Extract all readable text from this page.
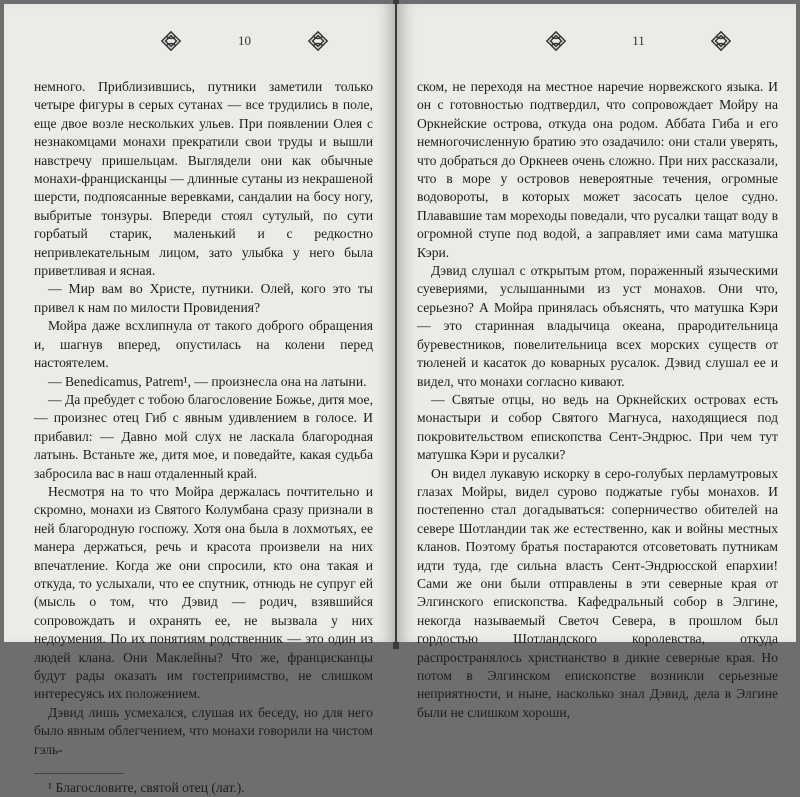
10

немного. Приблизившись, путники заметили только четыре фигуры в серых сутанах — все трудились в поле, еще двое возле нескольких ульев. При появлении Олея с незнакомцами монахи прекратили свои труды и вышли навстречу пришельцам. Выглядели они как обычные монахи-францисканцы — длинные сутаны из некрашеной шерсти, подпоясанные веревками, сандалии на босу ногу, выбритые тонзуры. Впереди стоял сутулый, по сути горбатый старик, маленький и с редкостно непривлекательным лицом, зато улыбка у него была приветливая и ясная.

— Мир вам во Христе, путники. Олей, кого это ты привел к нам по милости Провидения?

Мойра даже всхлипнула от такого доброго обращения и, шагнув вперед, опустилась на колени перед настоятелем.

— Benedicamus, Patrem¹, — произнесла она на латыни.

— Да пребудет с тобою благословение Божье, дитя мое, — произнес отец Гиб с явным удивлением в голосе. И прибавил: — Давно мой слух не ласкала благородная латынь. Встаньте же, дитя мое, и поведайте, какая судьба забросила вас в наш отдаленный край.

Несмотря на то что Мойра держалась почтительно и скромно, монахи из Святого Колумбана сразу признали в ней благородную госпожу. Хотя она была в лохмотьях, ее манера держаться, речь и красота произвели на них впечатление. Когда же они спросили, кто она такая и откуда, то услыхали, что ее спутник, отнюдь не супруг ей (мысль о том, что Дэвид — родич, взявшийся сопровождать и охранять ее, не вызвала у них недоумения. По их понятиям родственник — это один из людей клана. Они Маклейны? Что же, францисканцы будут рады оказать им гостеприимство, не слишком интересуясь их положением.

Дэвид лишь усмехался, слушая их беседу, но для него было явным облегчением, что монахи говорили на чистом гэль-

¹ Благословите, святой отец (лат.).

11

ском, не переходя на местное наречие норвежского языка. И он с готовностью подтвердил, что сопровождает Мойру на Оркнейские острова, откуда она родом. Аббата Гиба и его немногочисленную братию это озадачило: они стали уверять, что добраться до Оркнеев очень сложно. При них рассказали, что в море у островов невероятные течения, огромные водовороты, в которых может засосать целое судно. Плававшие там мореходы поведали, что русалки тащат воду в огромной ступе под водой, а заправляет ими сама матушка Кэри.

Дэвид слушал с открытым ртом, пораженный языческими суевериями, услышанными из уст монахов. Они что, серьезно? А Мойра принялась объяснять, что матушка Кэри — это старинная владычица океана, прародительница буревестников, повелительница всех морских существ от тюленей и касаток до коварных русалок. Дэвид слушал ее и видел, что монахи согласно кивают.

— Святые отцы, но ведь на Оркнейских островах есть монастыри и собор Святого Магнуса, находящиеся под покровительством епископства Сент-Эндрюс. При чем тут матушка Кэри и русалки?

Он видел лукавую искорку в серо-голубых перламутровых глазах Мойры, видел сурово поджатые губы монахов. И постепенно стал догадываться: соперничество обителей на севере Шотландии так же естественно, как и войны местных кланов. Поэтому братья постараются отсоветовать путникам идти туда, где сильна власть Сент-Эндрюсской епархии! Сами же они были отправлены в эти северные края от Элгинского епископства. Кафедральный собор в Элгине, некогда называемый Светоч Севера, в прошлом был гордостью Шотландского королевства, откуда распространялось христианство в дикие северные края. Но потом в Элгинском епископстве возникли серьезные неприятности, и ныне, насколько знал Дэвид, дела в Элгине были не слишком хороши,
